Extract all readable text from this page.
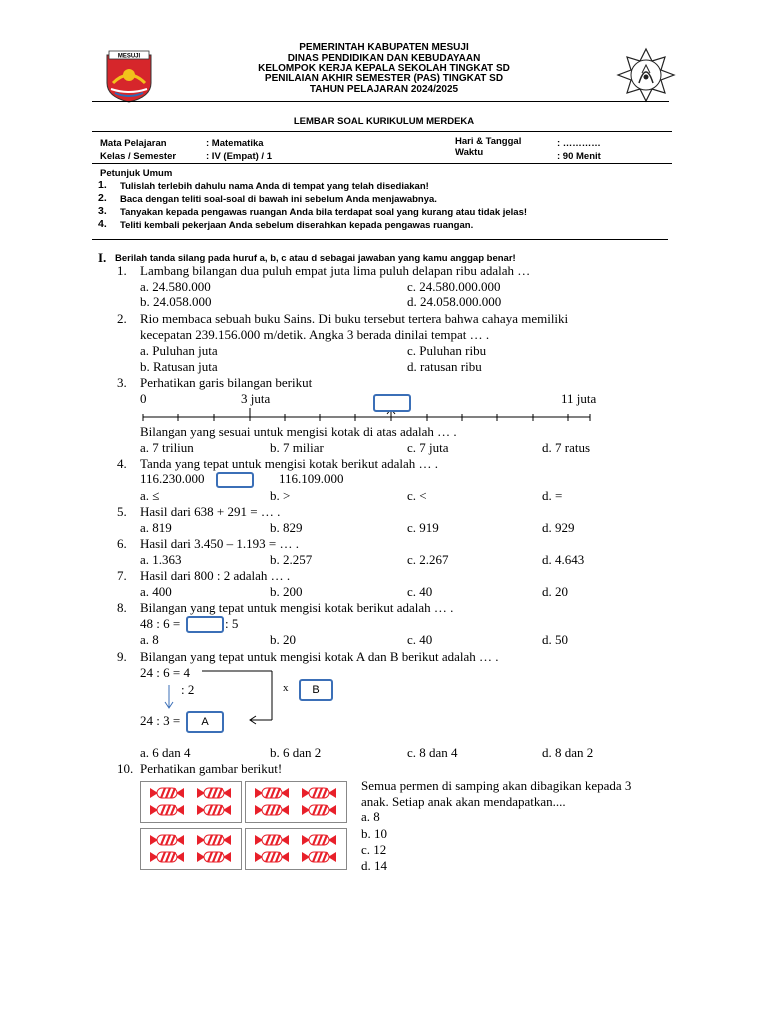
MESUJI
PEMERINTAH KABUPATEN MESUJI
DINAS PENDIDIKAN DAN KEBUDAYAAN
KELOMPOK KERJA KEPALA SEKOLAH TINGKAT SD
PENILAIAN AKHIR SEMESTER (PAS) TINGKAT SD
TAHUN PELAJARAN 2024/2025
LEMBAR SOAL KURIKULUM MERDEKA
Mata Pelajaran	: Matematika
Kelas / Semester	: IV (Empat) / 1
Hari & Tanggal	: …………
Waktu	: 90 Menit
Petunjuk Umum
1. Tulislah terlebih dahulu nama Anda di tempat yang telah disediakan!
2. Baca dengan teliti soal-soal di bawah ini sebelum Anda menjawabnya.
3. Tanyakan kepada pengawas ruangan Anda bila terdapat soal yang kurang atau tidak jelas!
4. Teliti kembali pekerjaan Anda sebelum diserahkan kepada pengawas ruangan.
I. Berilah tanda silang pada huruf a, b, c atau d sebagai jawaban yang kamu anggap benar!
1. Lambang bilangan dua puluh empat juta lima puluh delapan ribu adalah …
a. 24.580.000
b. 24.058.000
c. 24.580.000.000
d. 24.058.000.000
2. Rio membaca sebuah buku Sains. Di buku tersebut tertera bahwa cahaya memiliki
kecepatan 239.156.000 m/detik. Angka 3 berada dinilai tempat … .
a. Puluhan juta
b. Ratusan juta
c. Puluhan ribu
d. ratusan ribu
3. Perhatikan garis bilangan berikut
0	3 juta	11 juta
Bilangan yang sesuai untuk mengisi kotak di atas adalah … .
a. 7 triliun	b. 7 miliar	c. 7 juta	d. 7 ratus
4. Tanda yang tepat untuk mengisi kotak berikut adalah … .
116.230.000	116.109.000
a. ≤	b. >	c. <	d. =
5. Hasil dari 638 + 291 = … .
a. 819	b. 829	c. 919	d. 929
6. Hasil dari 3.450 – 1.193 = … .
a. 1.363	b. 2.257	c. 2.267	d. 4.643
7. Hasil dari 800 : 2 adalah … .
a. 400	b. 200	c. 40	d. 20
8. Bilangan yang tepat untuk mengisi kotak berikut adalah … .
48 : 6 =	: 5
a. 8	b. 20	c. 40	d. 50
9. Bilangan yang tepat untuk mengisi kotak A dan B berikut adalah … .
24 : 6 = 4
: 2
24 : 3 =
x	B
A
a. 6 dan 4	b. 6 dan 2	c. 8 dan 4	d. 8 dan 2
10. Perhatikan gambar berikut!
Semua permen di samping akan dibagikan kepada 3
anak. Setiap anak akan mendapatkan....
a. 8
b. 10
c. 12
d. 14
